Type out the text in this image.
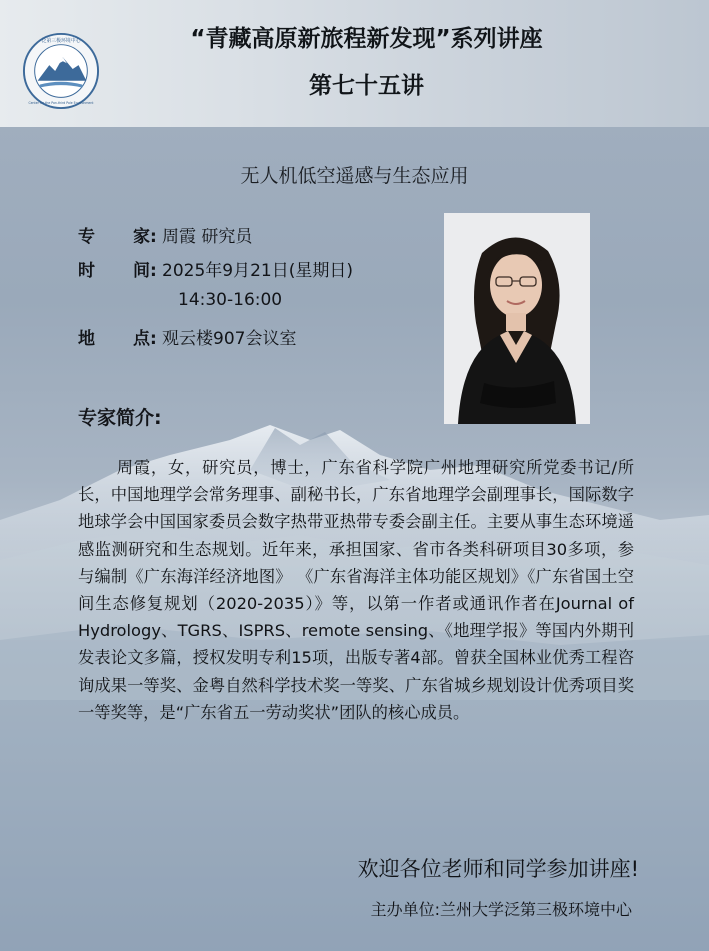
泛第三极环境中心
Center for the Pan-third Pole Environment
“青藏高原新旅程新发现”系列讲座
第七十五讲
无人机低空遥感与生态应用
专 家: 周霞 研究员
时 间: 2025年9月21日(星期日)
14:30-16:00
地 点: 观云楼907会议室
专家简介:
周霞，女，研究员，博士，广东省科学院广州地理研究所党委书记/所长，中国地理学会常务理事、副秘书长，广东省地理学会副理事长，国际数字地球学会中国国家委员会数字热带亚热带专委会副主任。主要从事生态环境遥感监测研究和生态规划。近年来，承担国家、省市各类科研项目30多项，参与编制《广东海洋经济地图》 《广东省海洋主体功能区规划》《广东省国土空间生态修复规划（2020-2035）》等，以第一作者或通讯作者在Journal of Hydrology、TGRS、ISPRS、remote sensing、《地理学报》等国内外期刊发表论文多篇，授权发明专利15项，出版专著4部。曾获全国林业优秀工程咨询成果一等奖、金粤自然科学技术奖一等奖、广东省城乡规划设计优秀项目奖一等奖等，是“广东省五一劳动奖状”团队的核心成员。
欢迎各位老师和同学参加讲座!
主办单位:兰州大学泛第三极环境中心
